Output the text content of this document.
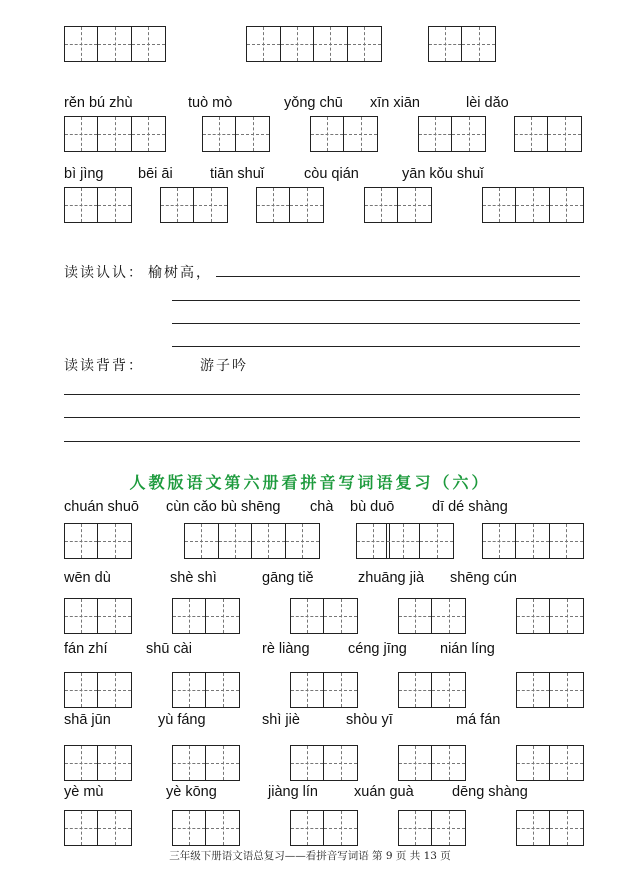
rěn bú zhù	tuò mò	yǒng chū xīn xiān	lèi dǎo
bì jìng bēi āi	tiān shuǐ	còu qián	yān kǒu shuǐ
读读认认： 榆树高，
读读背背：	游子吟
人教版语文第六册看拼音写词语复习（六）
chuán shuō cùn cǎo bù shēng chà bù duō	dī dé shàng
wēn dù	shè shì	gāng tiě	zhuāng jià shēng cún
fán zhí	shū cài	rè liàng	céng jīng nián líng
shā jūn	yù fáng	shì jiè	shòu yī	má fán
yè mù	yè kōng	jiàng lín xuán guà	dēng shàng
三年级下册语文语总复习——看拼音写词语 第 9 页 共 13 页
